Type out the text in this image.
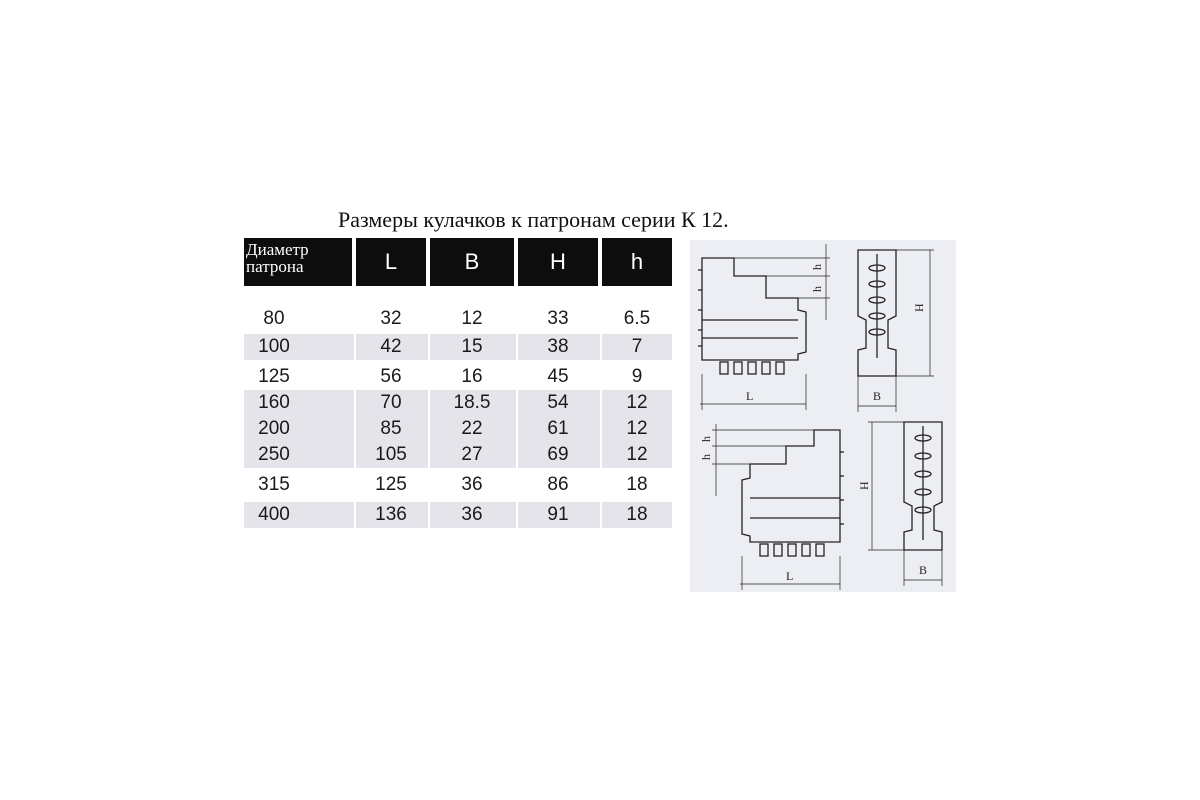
Размеры кулачков к патронам серии К 12.
Диаметр
патрона	L	B	H	h
80	32	12	33	6.5
100	42	15	38	7
125	56	16	45	9
160	70	18.5	54	12
200	85	22	61	12
250	105	27	69	12
315	125	36	86	18
400	136	36	91	18
L	B
L	B
H
H
h
h
h
h
